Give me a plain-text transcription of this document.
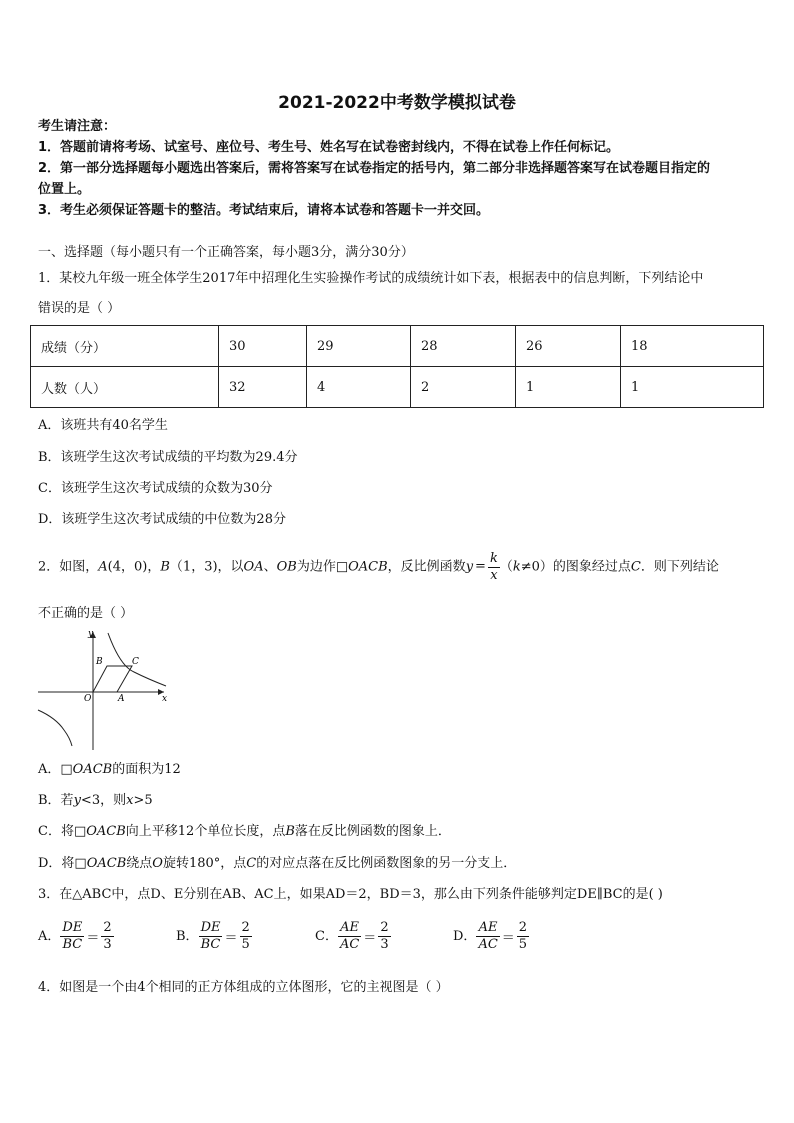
2021-2022中考数学模拟试卷
考生请注意：
1．答题前请将考场、试室号、座位号、考生号、姓名写在试卷密封线内，不得在试卷上作任何标记。
2．第一部分选择题每小题选出答案后，需将答案写在试卷指定的括号内，第二部分非选择题答案写在试卷题目指定的
位置上。
3．考生必须保证答题卡的整洁。考试结束后，请将本试卷和答题卡一并交回。
一、选择题（每小题只有一个正确答案，每小题3分，满分30分）
1．某校九年级一班全体学生2017年中招理化生实验操作考试的成绩统计如下表，根据表中的信息判断，下列结论中
错误的是（ ）
成绩（分）	30	29	28	26	18
人数（人）	32	4	2	1	1
A．该班共有40名学生
B．该班学生这次考试成绩的平均数为29.4分
C．该班学生这次考试成绩的众数为30分
D．该班学生这次考试成绩的中位数为28分
2．如图，A(4，0)，B（1，3)，以OA、OB为边作□OACB，反比例函数$y = \frac{k}{x} (k\ne 0)$的图象经过点C．则下列结论
不正确的是（ ）
y
x
O	A
B	C
A．□OACB的面积为12
B．若y<3，则x>5
C．将□OACB向上平移12个单位长度，点B落在反比例函数的图象上．
D．将□OACB绕点O旋转180°，点C的对应点落在反比例函数图象的另一分支上．
3．在△ABC中，点D、E分别在AB、AC上，如果AD＝2，BD＝3，那么由下列条件能够判定DE∥BC的是( )
A． $\frac{DE}{BC} = \frac{2}{3}$	B． $\frac{DE}{BC} = \frac{2}{5}$	C． $\frac{AE}{AC} = \frac{2}{3}$	D． $\frac{AE}{AC} = \frac{2}{5}$
4．如图是一个由4个相同的正方体组成的立体图形，它的主视图是（ ）
